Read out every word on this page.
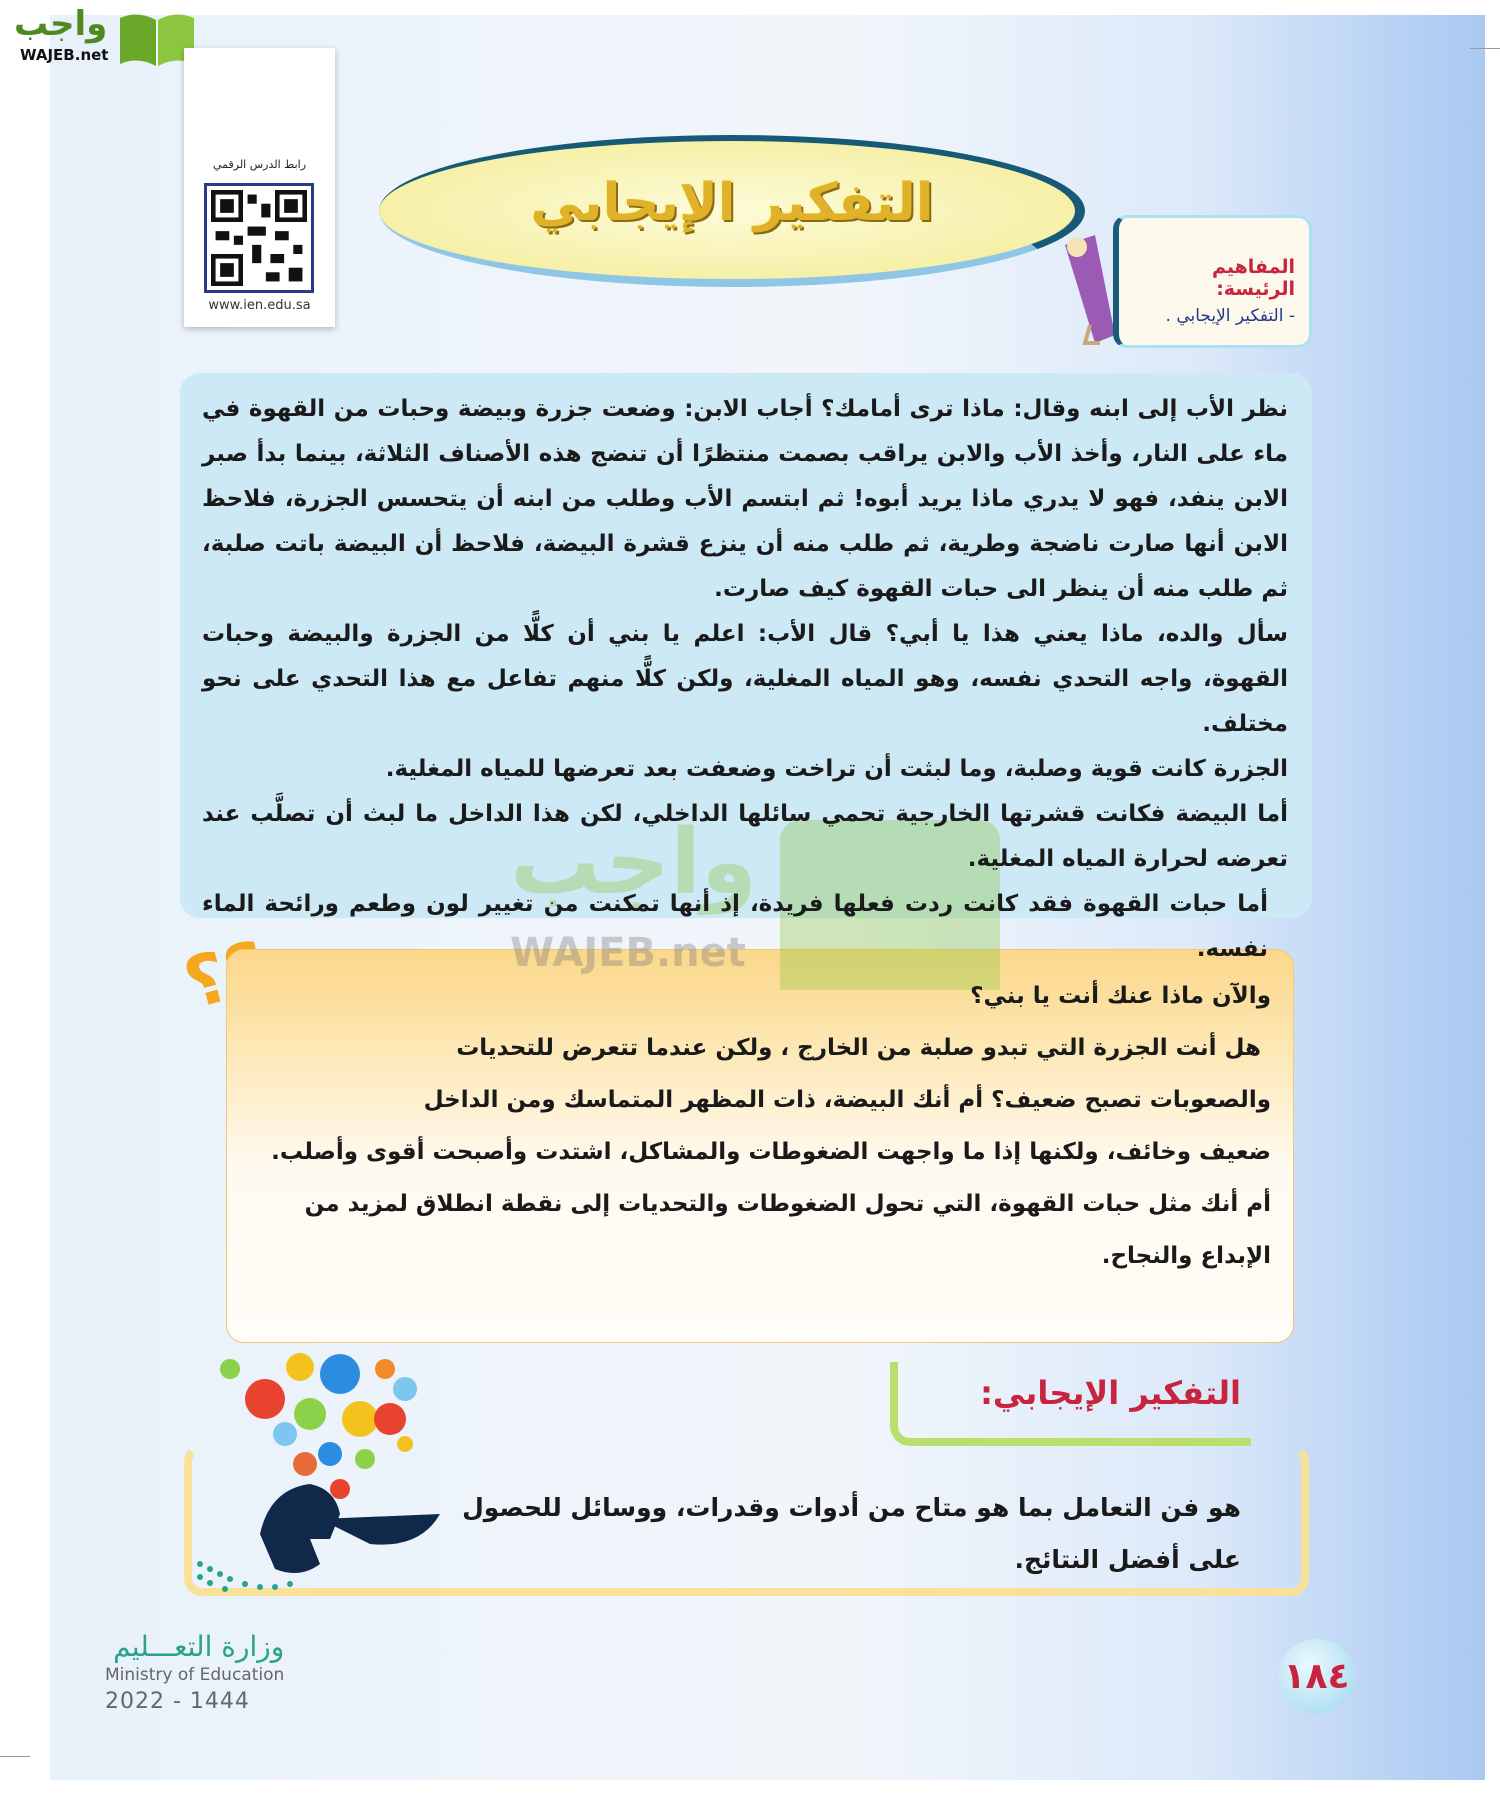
واجب
WAJEB.net
رابط الدرس الرقمي
www.ien.edu.sa
التفكير الإيجابي
المفاهيم الرئيسة:
- التفكير الإيجابي .

نظر الأب إلى ابنه وقال: ماذا ترى أمامك؟ أجاب الابن: وضعت جزرة وبيضة وحبات من القهوة في ماء على النار، وأخذ الأب والابن يراقب بصمت منتظرًا أن تنضج هذه الأصناف الثلاثة، بينما بدأ صبر الابن ينفد، فهو لا يدري ماذا يريد أبوه! ثم ابتسم الأب وطلب من ابنه أن يتحسس الجزرة، فلاحظ الابن أنها صارت ناضجة وطرية، ثم طلب منه أن ينزع قشرة البيضة، فلاحظ أن البيضة باتت صلبة، ثم طلب منه أن ينظر الى حبات القهوة كيف صارت.

سأل والده، ماذا يعني هذا يا أبي؟ قال الأب: اعلم يا بني أن كلًّا من الجزرة والبيضة وحبات القهوة، واجه التحدي نفسه، وهو المياه المغلية، ولكن كلًّا منهم تفاعل مع هذا التحدي على نحو مختلف.

الجزرة كانت قوية وصلبة، وما لبثت أن تراخت وضعفت بعد تعرضها للمياه المغلية.

أما البيضة فكانت قشرتها الخارجية تحمي سائلها الداخلي، لكن هذا الداخل ما لبث أن تصلَّب عند تعرضه لحرارة المياه المغلية.

أما حبات القهوة فقد كانت ردت فعلها فريدة، إذ أنها تمكنت من تغيير لون وطعم ورائحة الماء نفسه.

والآن ماذا عنك أنت يا بني؟

هل أنت الجزرة التي تبدو صلبة من الخارج ، ولكن عندما تتعرض للتحديات

والصعوبات تصبح ضعيف؟ أم أنك البيضة، ذات المظهر المتماسك ومن الداخل

ضعيف وخائف، ولكنها إذا ما واجهت الضغوطات والمشاكل، اشتدت وأصبحت أقوى وأصلب.

أم أنك مثل حبات القهوة، التي تحول الضغوطات والتحديات إلى نقطة انطلاق لمزيد من

الإبداع والنجاح.

واجب
WAJEB.net
التفكير الإيجابي:

هو فن التعامل بما هو متاح من أدوات وقدرات، ووسائل للحصول

على أفضل النتائج.

وزارة التعـــليم
Ministry of Education
2022 - 1444
١٨٤
